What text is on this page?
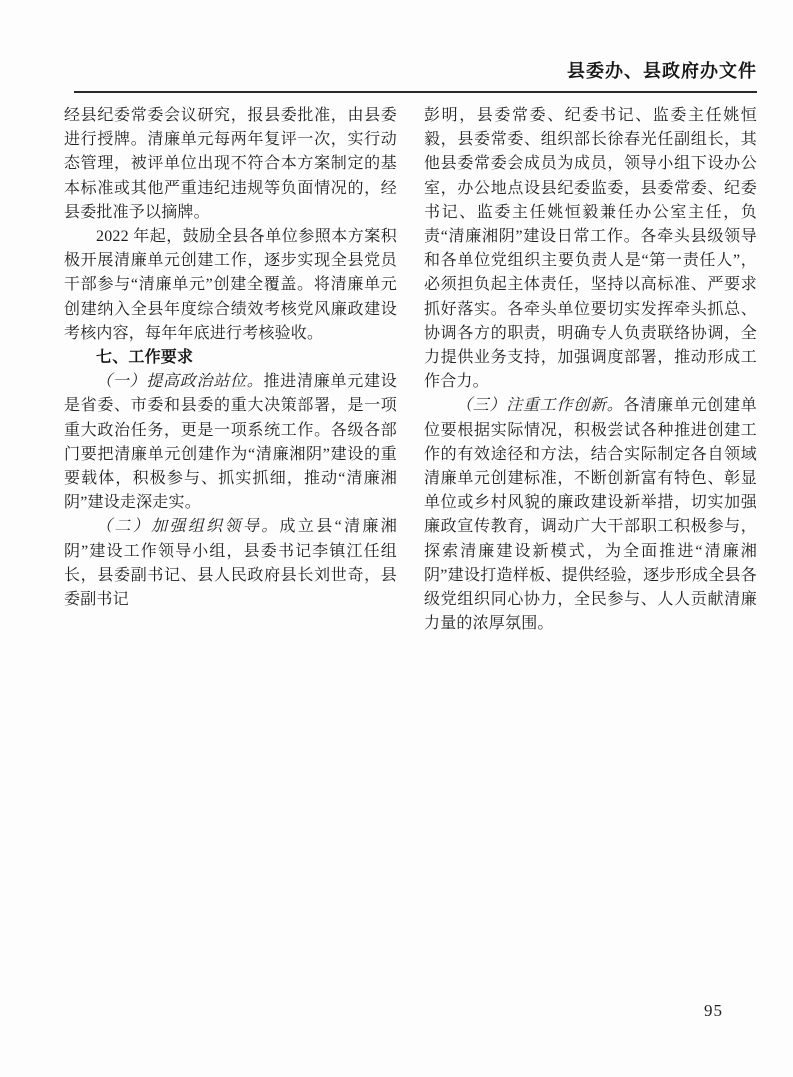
县委办、县政府办文件

经县纪委常委会议研究，报县委批准，由县委进行授牌。清廉单元每两年复评一次，实行动态管理，被评单位出现不符合本方案制定的基本标准或其他严重违纪违规等负面情况的，经县委批准予以摘牌。

2022 年起，鼓励全县各单位参照本方案积极开展清廉单元创建工作，逐步实现全县党员干部参与“清廉单元”创建全覆盖。将清廉单元创建纳入全县年度综合绩效考核党风廉政建设考核内容，每年年底进行考核验收。

七、工作要求

（一）提高政治站位。推进清廉单元建设是省委、市委和县委的重大决策部署，是一项重大政治任务，更是一项系统工作。各级各部门要把清廉单元创建作为“清廉湘阴”建设的重要载体，积极参与、抓实抓细，推动“清廉湘阴”建设走深走实。

（二）加强组织领导。成立县“清廉湘阴”建设工作领导小组，县委书记李镇江任组长，县委副书记、县人民政府县长刘世奇，县委副书记

彭明，县委常委、纪委书记、监委主任姚恒毅，县委常委、组织部长徐春光任副组长，其他县委常委会成员为成员，领导小组下设办公室，办公地点设县纪委监委，县委常委、纪委书记、监委主任姚恒毅兼任办公室主任，负责“清廉湘阴”建设日常工作。各牵头县级领导和各单位党组织主要负责人是“第一责任人”，必须担负起主体责任，坚持以高标准、严要求抓好落实。各牵头单位要切实发挥牵头抓总、协调各方的职责，明确专人负责联络协调，全力提供业务支持，加强调度部署，推动形成工作合力。

（三）注重工作创新。各清廉单元创建单位要根据实际情况，积极尝试各种推进创建工作的有效途径和方法，结合实际制定各自领域清廉单元创建标准，不断创新富有特色、彰显单位或乡村风貌的廉政建设新举措，切实加强廉政宣传教育，调动广大干部职工积极参与，探索清廉建设新模式，为全面推进“清廉湘阴”建设打造样板、提供经验，逐步形成全县各级党组织同心协力，全民参与、人人贡献清廉力量的浓厚氛围。

95
